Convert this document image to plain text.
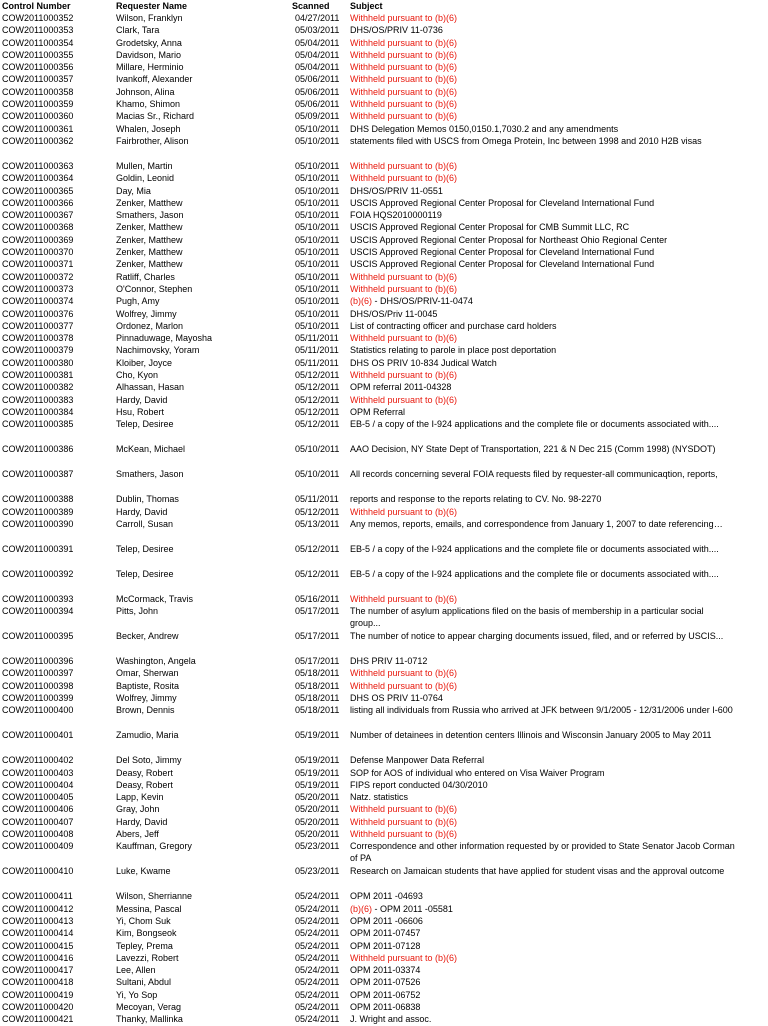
Control Number	Requester Name	Scanned Subject
COW2011000352	Wilson, Franklyn	04/27/2011 Withheld pursuant to (b)(6)
COW2011000353	Clark, Tara	05/03/2011 DHS/OS/PRIV 11-0736
COW2011000354	Grodetsky, Anna	05/04/2011 Withheld pursuant to (b)(6)
COW2011000355	Davidson, Mario	05/04/2011 Withheld pursuant to (b)(6)
COW2011000356	Millare, Herminio	05/04/2011 Withheld pursuant to (b)(6)
COW2011000357	Ivankoff, Alexander	05/06/2011 Withheld pursuant to (b)(6)
COW2011000358	Johnson, Alina	05/06/2011 Withheld pursuant to (b)(6)
COW2011000359	Khamo, Shimon	05/06/2011 Withheld pursuant to (b)(6)
COW2011000360	Macias Sr., Richard	05/09/2011 Withheld pursuant to (b)(6)
COW2011000361	Whalen, Joseph	05/10/2011 DHS Delegation Memos 0150,0150.1,7030.2 and any amendments
COW2011000362	Fairbrother, Alison	05/10/2011 statements filed with USCS from Omega Protein, Inc between 1998 and 2010 H2B visas
COW2011000363	Mullen, Martin	05/10/2011 Withheld pursuant to (b)(6)
COW2011000364	Goldin, Leonid	05/10/2011 Withheld pursuant to (b)(6)
COW2011000365	Day, Mia	05/10/2011 DHS/OS/PRIV 11-0551
COW2011000366	Zenker, Matthew	05/10/2011 USCIS Approved Regional Center Proposal for Cleveland International Fund
COW2011000367	Smathers, Jason	05/10/2011 FOIA HQS2010000119
COW2011000368	Zenker, Matthew	05/10/2011 USCIS Approved Regional Center Proposal for CMB Summit LLC, RC
COW2011000369	Zenker, Matthew	05/10/2011 USCIS Approved Regional Center Proposal for Northeast Ohio Regional Center
COW2011000370	Zenker, Matthew	05/10/2011 USCIS Approved Regional Center Proposal for Cleveland International Fund
COW2011000371	Zenker, Matthew	05/10/2011 USCIS Approved Regional Center Proposal for Cleveland International Fund
COW2011000372	Ratliff, Charles	05/10/2011 Withheld pursuant to (b)(6)
COW2011000373	O'Connor, Stephen	05/10/2011 Withheld pursuant to (b)(6)
COW2011000374	Pugh, Amy	05/10/2011 (b)(6) - DHS/OS/PRIV-11-0474
COW2011000376	Wolfrey, Jimmy	05/10/2011 DHS/OS/Priv 11-0045
COW2011000377	Ordonez, Marlon	05/10/2011 List of contracting officer and purchase card holders
COW2011000378	Pinnaduwage, Mayosha	05/11/2011 Withheld pursuant to (b)(6)
COW2011000379	Nachimovsky, Yoram	05/11/2011 Statistics relating to parole in place post deportation
COW2011000380	Kloiber, Joyce	05/11/2011 DHS OS PRIV 10-834 Judical Watch
COW2011000381	Cho, Kyon	05/12/2011 Withheld pursuant to (b)(6)
COW2011000382	Alhassan, Hasan	05/12/2011 OPM referral 2011-04328
COW2011000383	Hardy, David	05/12/2011 Withheld pursuant to (b)(6)
COW2011000384	Hsu, Robert	05/12/2011 OPM Referral
COW2011000385	Telep, Desiree	05/12/2011 EB-5 / a copy of the I-924 applications and the complete file or documents associated with....
COW2011000386	McKean, Michael	05/10/2011 AAO Decision, NY State Dept of Transportation, 221 & N Dec 215 (Comm 1998) (NYSDOT)
COW2011000387	Smathers, Jason	05/10/2011 All records concerning several FOIA requests filed by requester-all communicaqtion, reports,
COW2011000388	Dublin, Thomas	05/11/2011 reports and response to the reports relating to CV. No. 98-2270
COW2011000389	Hardy, David	05/12/2011 Withheld pursuant to (b)(6)
COW2011000390	Carroll, Susan	05/13/2011 Any memos, reports, emails, and correspondence from January 1, 2007 to date referencing…
COW2011000391	Telep, Desiree	05/12/2011 EB-5 / a copy of the I-924 applications and the complete file or documents associated with....
COW2011000392	Telep, Desiree	05/12/2011 EB-5 / a copy of the I-924 applications and the complete file or documents associated with....
COW2011000393	McCormack, Travis	05/16/2011 Withheld pursuant to (b)(6)
COW2011000394	Pitts, John	05/17/2011 The number of asylum applications filed on the basis of membership in a particular social group...
COW2011000395	Becker, Andrew	05/17/2011 The number of notice to appear charging documents issued, filed, and or referred by USCIS...
COW2011000396	Washington, Angela	05/17/2011 DHS PRIV 11-0712
COW2011000397	Omar, Sherwan	05/18/2011 Withheld pursuant to (b)(6)
COW2011000398	Baptiste, Rosita	05/18/2011 Withheld pursuant to (b)(6)
COW2011000399	Wolfrey, Jimmy	05/18/2011 DHS OS PRIV 11-0764
COW2011000400	Brown, Dennis	05/18/2011 listing all individuals from Russia who arrived at JFK between 9/1/2005 - 12/31/2006 under I-600
COW2011000401	Zamudio, Maria	05/19/2011 Number of detainees in detention centers Illinois and Wisconsin January 2005 to May 2011
COW2011000402	Del Soto, Jimmy	05/19/2011 Defense Manpower Data Referral
COW2011000403	Deasy, Robert	05/19/2011 SOP for AOS of individual who entered on Visa Waiver Program
COW2011000404	Deasy, Robert	05/19/2011 FIPS report conducted 04/30/2010
COW2011000405	Lapp, Kevin	05/20/2011 Natz. statistics
COW2011000406	Gray, John	05/20/2011 Withheld pursuant to (b)(6)
COW2011000407	Hardy, David	05/20/2011 Withheld pursuant to (b)(6)
COW2011000408	Abers, Jeff	05/20/2011 Withheld pursuant to (b)(6)
COW2011000409	Kauffman, Gregory	05/23/2011 Correspondence and other information requested by or provided to State Senator Jacob Corman of PA
COW2011000410	Luke, Kwame	05/23/2011 Research on Jamaican students that have applied for student visas and the approval outcome
COW2011000411	Wilson, Sherrianne	05/24/2011 OPM 2011 -04693
COW2011000412	Messina, Pascal	05/24/2011 (b)(6) - OPM 2011 -05581
COW2011000413	Yi, Chom Suk	05/24/2011 OPM 2011 -06606
COW2011000414	Kim, Bongseok	05/24/2011 OPM 2011-07457
COW2011000415	Tepley, Prema	05/24/2011 OPM 2011-07128
COW2011000416	Lavezzi, Robert	05/24/2011 Withheld pursuant to (b)(6)
COW2011000417	Lee, Allen	05/24/2011 OPM 2011-03374
COW2011000418	Sultani, Abdul	05/24/2011 OPM 2011-07526
COW2011000419	Yi, Yo Sop	05/24/2011 OPM 2011-06752
COW2011000420	Mecoyan, Verag	05/24/2011 OPM 2011-06838
COW2011000421	Thanky, Mallinka	05/24/2011 J. Wright and assoc.
